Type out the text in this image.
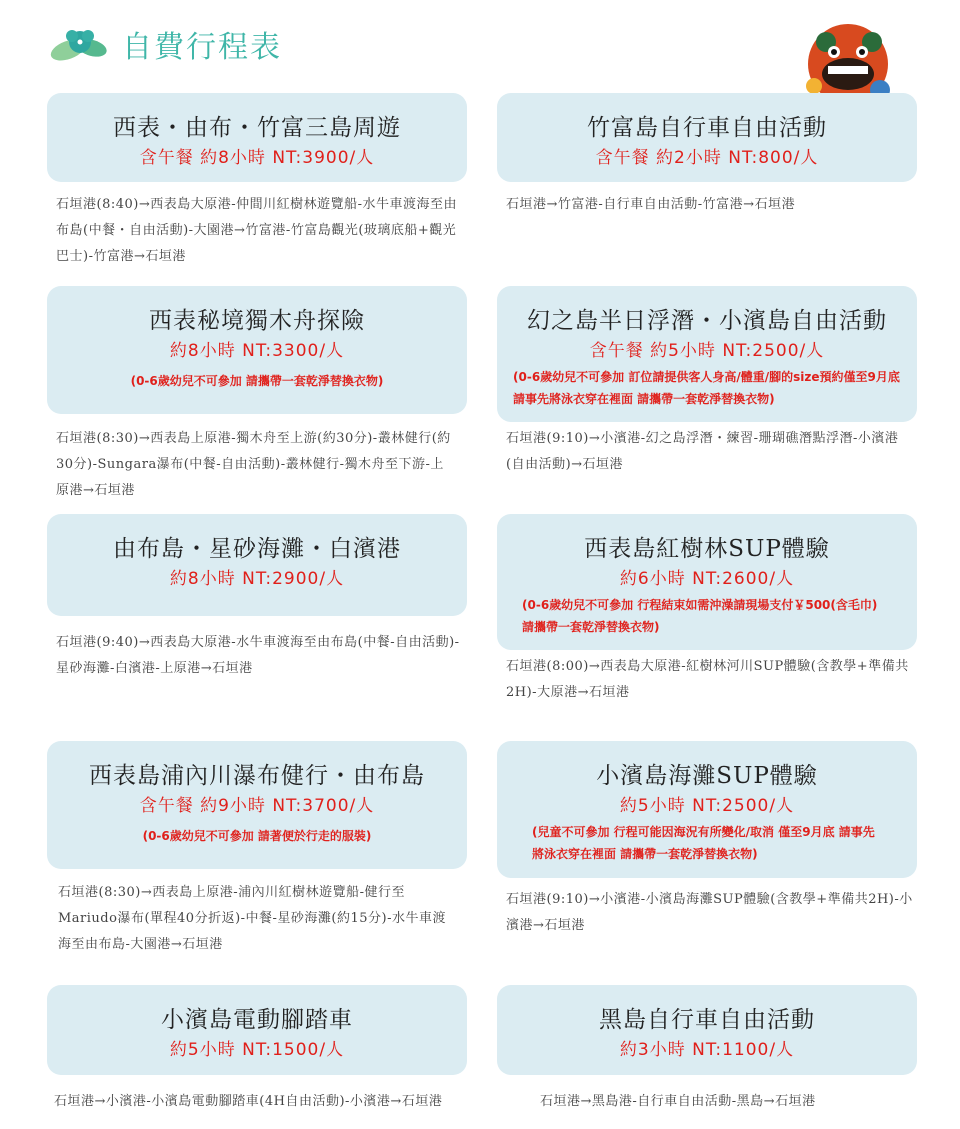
自費行程表
西表・由布・竹富三島周遊
含午餐 約8小時 NT:3900/人
石垣港(8:40)→西表島大原港-仲間川紅樹林遊覽船-水牛車渡海至由布島(中餐・自由活動)-大園港→竹富港-竹富島觀光(玻璃底船+觀光巴士)-竹富港→石垣港
竹富島自行車自由活動
含午餐 約2小時 NT:800/人
石垣港→竹富港-自行車自由活動-竹富港→石垣港
西表秘境獨木舟探險
約8小時 NT:3300/人
(0-6歲幼兒不可參加 請攜帶一套乾淨替換衣物)
石垣港(8:30)→西表島上原港-獨木舟至上游(約30分)-叢林健行(約30分)-Sungara瀑布(中餐-自由活動)-叢林健行-獨木舟至下游-上原港→石垣港
幻之島半日浮潛・小濱島自由活動
含午餐 約5小時 NT:2500/人
(0-6歲幼兒不可參加 訂位請提供客人身高/體重/腳的size預約僅至9月底 請事先將泳衣穿在裡面 請攜帶一套乾淨替換衣物)
石垣港(9:10)→小濱港-幻之島浮潛・練習-珊瑚礁潛點浮潛-小濱港(自由活動)→石垣港
由布島・星砂海灘・白濱港
約8小時 NT:2900/人
石垣港(9:40)→西表島大原港-水牛車渡海至由布島(中餐-自由活動)-星砂海灘-白濱港-上原港→石垣港
西表島紅樹林SUP體驗
約6小時 NT:2600/人
(0-6歲幼兒不可參加 行程結束如需沖澡請現場支付￥500(含毛巾) 請攜帶一套乾淨替換衣物)
石垣港(8:00)→西表島大原港-紅樹林河川SUP體驗(含教學+準備共2H)-大原港→石垣港
西表島浦內川瀑布健行・由布島
含午餐 約9小時 NT:3700/人
(0-6歲幼兒不可參加 請著便於行走的服裝)
石垣港(8:30)→西表島上原港-浦內川紅樹林遊覽船-健行至Mariudo瀑布(單程40分折返)-中餐-星砂海灘(約15分)-水牛車渡海至由布島-大園港→石垣港
小濱島海灘SUP體驗
約5小時 NT:2500/人
(兒童不可參加 行程可能因海況有所變化/取消 僅至9月底 請事先將泳衣穿在裡面 請攜帶一套乾淨替換衣物)
石垣港(9:10)→小濱港-小濱島海灘SUP體驗(含教學+準備共2H)-小濱港→石垣港
小濱島電動腳踏車
約5小時 NT:1500/人
石垣港→小濱港-小濱島電動腳踏車(4H自由活動)-小濱港→石垣港
黑島自行車自由活動
約3小時 NT:1100/人
石垣港→黑島港-自行車自由活動-黑島→石垣港
